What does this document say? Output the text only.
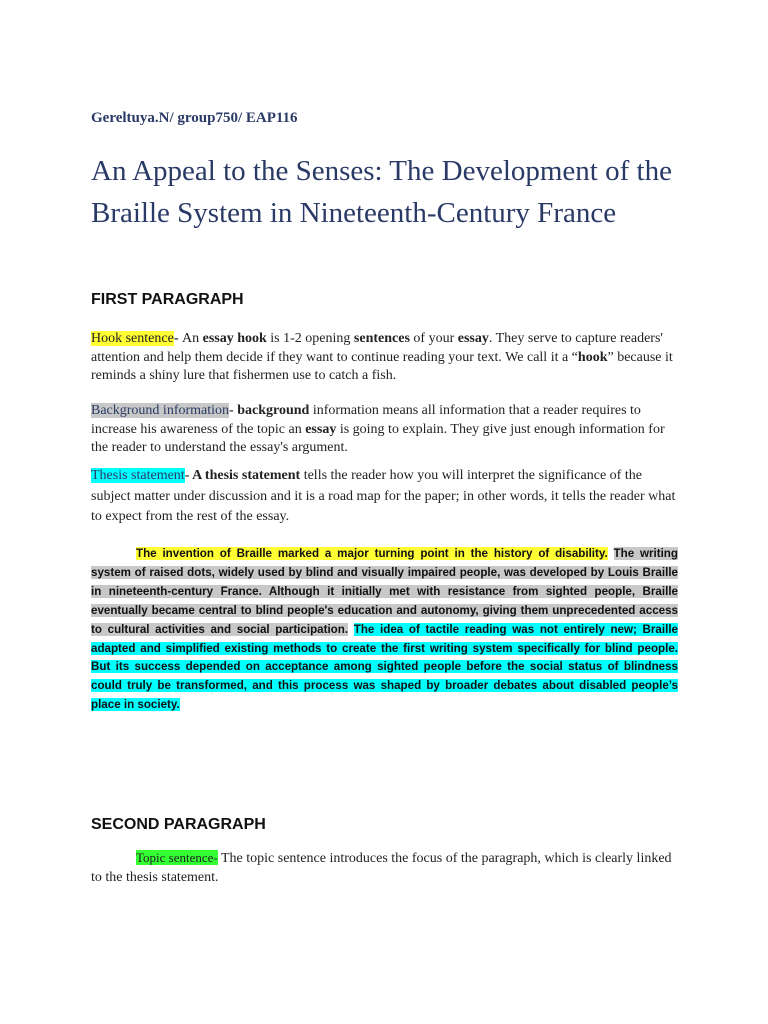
Gereltuya.N/ group750/ EAP116
An Appeal to the Senses: The Development of the Braille System in Nineteenth-Century France
FIRST PARAGRAPH

Hook sentence- An essay hook is 1-2 opening sentences of your essay. They serve to capture readers' attention and help them decide if they want to continue reading your text. We call it a “hook” because it reminds a shiny lure that fishermen use to catch a fish.

Background information- background information means all information that a reader requires to increase his awareness of the topic an essay is going to explain. They give just enough information for the reader to understand the essay's argument.

Thesis statement- A thesis statement tells the reader how you will interpret the significance of the subject matter under discussion and it is a road map for the paper; in other words, it tells the reader what to expect from the rest of the essay.

The invention of Braille marked a major turning point in the history of disability. The writing system of raised dots, widely used by blind and visually impaired people, was developed by Louis Braille in nineteenth-century France. Although it initially met with resistance from sighted people, Braille eventually became central to blind people's education and autonomy, giving them unprecedented access to cultural activities and social participation. The idea of tactile reading was not entirely new; Braille adapted and simplified existing methods to create the first writing system specifically for blind people. But its success depended on acceptance among sighted people before the social status of blindness could truly be transformed, and this process was shaped by broader debates about disabled people’s place in society.

SECOND PARAGRAPH

Topic sentence- The topic sentence introduces the focus of the paragraph, which is clearly linked to the thesis statement.
